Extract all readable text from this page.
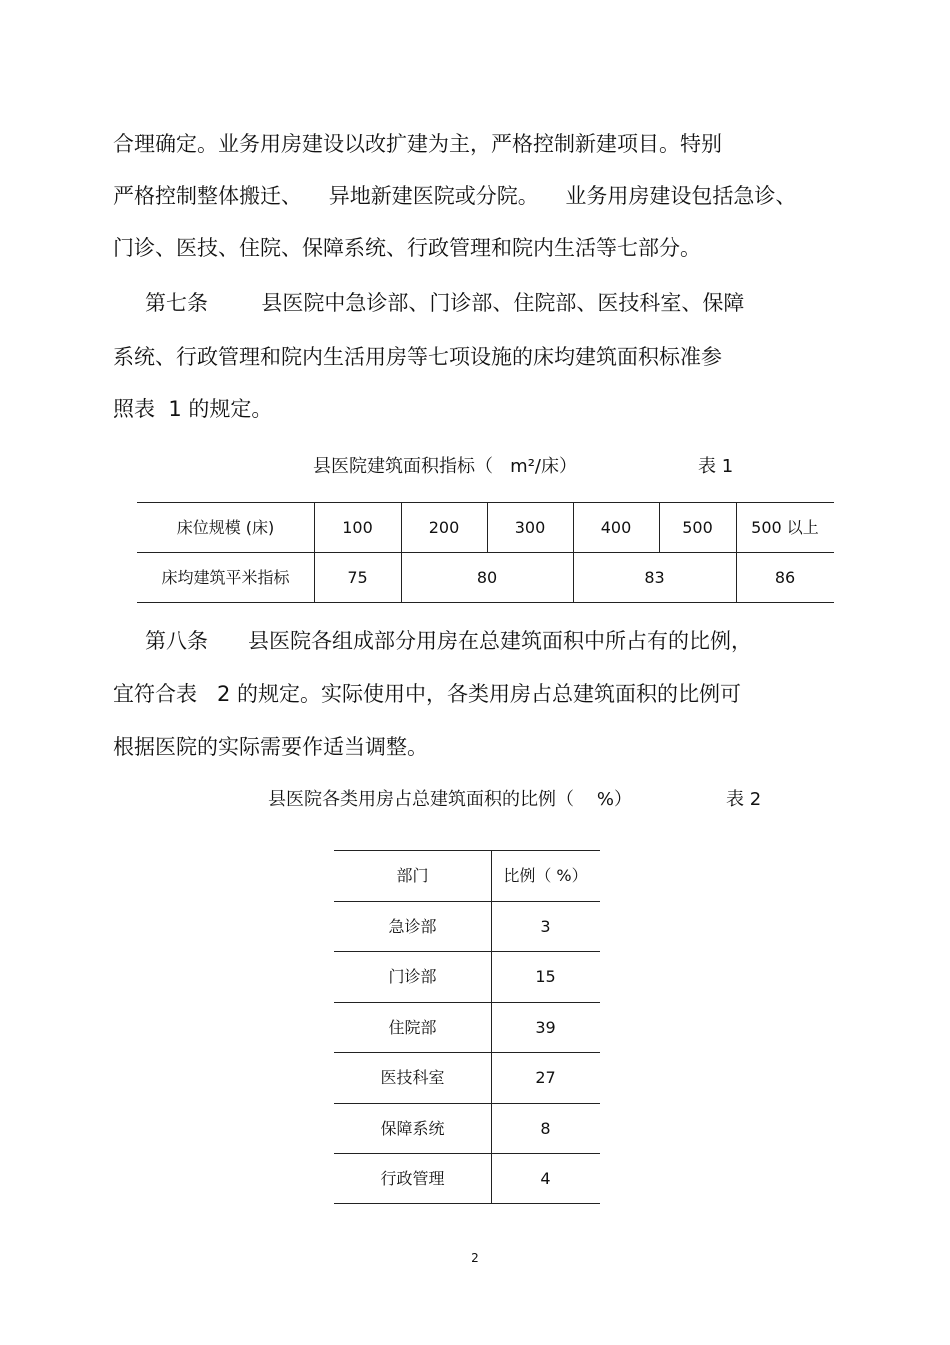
合理确定。业务用房建设以改扩建为主，严格控制新建项目。特别
严格控制整体搬迁、    异地新建医院或分院。    业务用房建设包括急诊、
门诊、医技、住院、保障系统、行政管理和院内生活等七部分。
第七条        县医院中急诊部、门诊部、住院部、医技科室、保障
系统、行政管理和院内生活用房等七项设施的床均建筑面积标准参
照表  1 的规定。
县医院建筑面积指标（   m²/床）	表 1
床位规模 (床)	100	200	300	400	500	500 以上
床均建筑平米指标	75	80	83	86
第八条      县医院各组成部分用房在总建筑面积中所占有的比例，
宜符合表   2 的规定。实际使用中，各类用房占总建筑面积的比例可
根据医院的实际需要作适当调整。
县医院各类用房占总建筑面积的比例（    %）	表 2
部门	比例（ %）
急诊部	3
门诊部	15
住院部	39
医技科室	27
保障系统	8
行政管理	4
2
